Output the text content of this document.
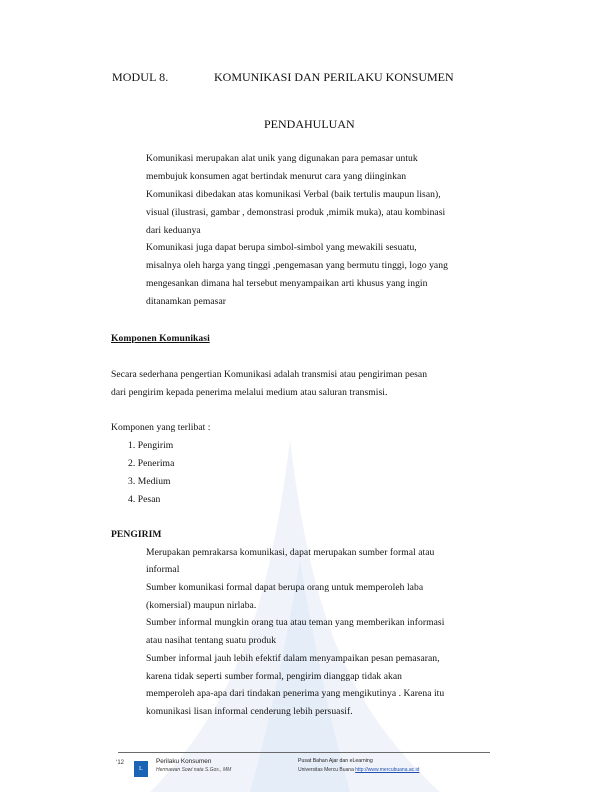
MODUL 8.	KOMUNIKASI DAN PERILAKU KONSUMEN
PENDAHULUAN
Komunikasi merupakan alat unik yang digunakan para pemasar untuk
membujuk konsumen agat bertindak menurut cara yang diinginkan
Komunikasi dibedakan atas komunikasi Verbal (baik tertulis maupun lisan),
visual (ilustrasi, gambar , demonstrasi produk ,mimik muka), atau kombinasi
dari keduanya
Komunikasi juga dapat berupa simbol-simbol yang mewakili sesuatu,
misalnya oleh harga yang tinggi ,pengemasan yang bermutu tinggi, logo yang
mengesankan dimana hal tersebut menyampaikan arti khusus yang ingin
ditanamkan pemasar
Komponen Komunikasi
Secara sederhana pengertian Komunikasi adalah transmisi atau pengiriman pesan
dari pengirim kepada penerima melalui medium atau saluran transmisi.
Komponen yang terlibat :
1. Pengirim
2. Penerima
3. Medium
4. Pesan
PENGIRIM
Merupakan pemrakarsa komunikasi, dapat merupakan sumber formal atau
informal
Sumber komunikasi formal dapat berupa orang untuk memperoleh laba
(komersial) maupun nirlaba.
Sumber informal mungkin orang tua atau teman yang memberikan informasi
atau nasihat tentang suatu produk
Sumber informal jauh lebih efektif dalam menyampaikan pesan pemasaran,
karena tidak seperti sumber formal, pengirim dianggap tidak akan
memperoleh apa-apa dari tindakan penerima yang mengikutinya . Karena itu
komunikasi lisan informal cenderung lebih persuasif.
‘12
L
Perilaku Konsumen
Hermawan Sowi nata S.Gos., MM
Pusat Bahan Ajar dan eLearning
Universitas Mercu Buana http://www.mercubuana.ac.id
